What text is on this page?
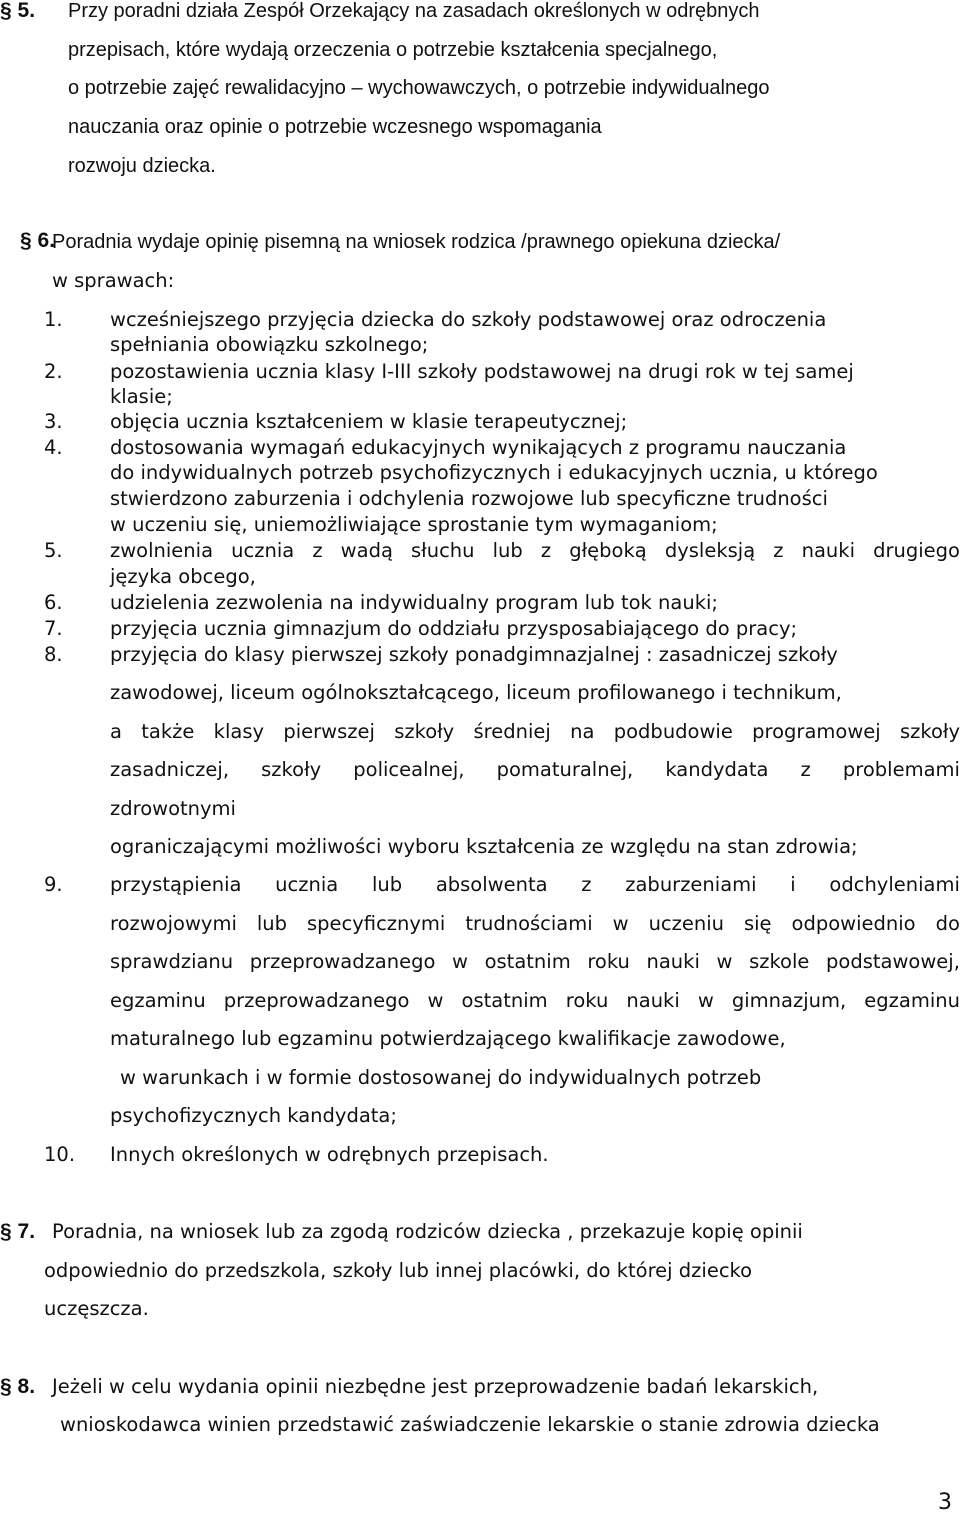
§ 5. Przy poradni działa Zespół Orzekający na zasadach określonych w odrębnych
przepisach, które wydają orzeczenia o potrzebie kształcenia specjalnego,
o potrzebie zajęć rewalidacyjno – wychowawczych, o potrzebie indywidualnego
nauczania oraz opinie o potrzebie wczesnego wspomagania
rozwoju dziecka.
§ 6.
Poradnia wydaje opinię pisemną na wniosek rodzica /prawnego opiekuna dziecka/
w sprawach:
1. wcześniejszego przyjęcia dziecka do szkoły podstawowej oraz odroczenia
spełniania obowiązku szkolnego;
2. pozostawienia ucznia klasy I-III szkoły podstawowej na drugi rok w tej samej
klasie;
3. objęcia ucznia kształceniem w klasie terapeutycznej;
4. dostosowania wymagań edukacyjnych wynikających z programu nauczania
do indywidualnych potrzeb psychofizycznych i edukacyjnych ucznia, u którego
stwierdzono zaburzenia i odchylenia rozwojowe lub specyficzne trudności
w uczeniu się, uniemożliwiające sprostanie tym wymaganiom;
5. zwolnienia ucznia z wadą słuchu lub z głęboką dysleksją z nauki drugiego
języka obcego,
6. udzielenia zezwolenia na indywidualny program lub tok nauki;
7. przyjęcia ucznia gimnazjum do oddziału przysposabiającego do pracy;
8. przyjęcia do klasy pierwszej szkoły ponadgimnazjalnej : zasadniczej szkoły
zawodowej, liceum ogólnokształcącego, liceum profilowanego i technikum,
a także klasy pierwszej szkoły średniej na podbudowie programowej szkoły
zasadniczej, szkoły policealnej, pomaturalnej, kandydata z problemami
zdrowotnymi
ograniczającymi możliwości wyboru kształcenia ze względu na stan zdrowia;
9. przystąpienia ucznia lub absolwenta z zaburzeniami i odchyleniami
rozwojowymi lub specyficznymi trudnościami w uczeniu się odpowiednio do
sprawdzianu przeprowadzanego w ostatnim roku nauki w szkole podstawowej,
egzaminu przeprowadzanego w ostatnim roku nauki w gimnazjum, egzaminu
maturalnego lub egzaminu potwierdzającego kwalifikacje zawodowe,
w warunkach i w formie dostosowanej do indywidualnych potrzeb
psychofizycznych kandydata;
10. Innych określonych w odrębnych przepisach.
§ 7. Poradnia, na wniosek lub za zgodą rodziców dziecka , przekazuje kopię opinii
odpowiednio do przedszkola, szkoły lub innej placówki, do której dziecko
uczęszcza.
§ 8. Jeżeli w celu wydania opinii niezbędne jest przeprowadzenie badań lekarskich,
wnioskodawca winien przedstawić zaświadczenie lekarskie o stanie zdrowia dziecka
3
